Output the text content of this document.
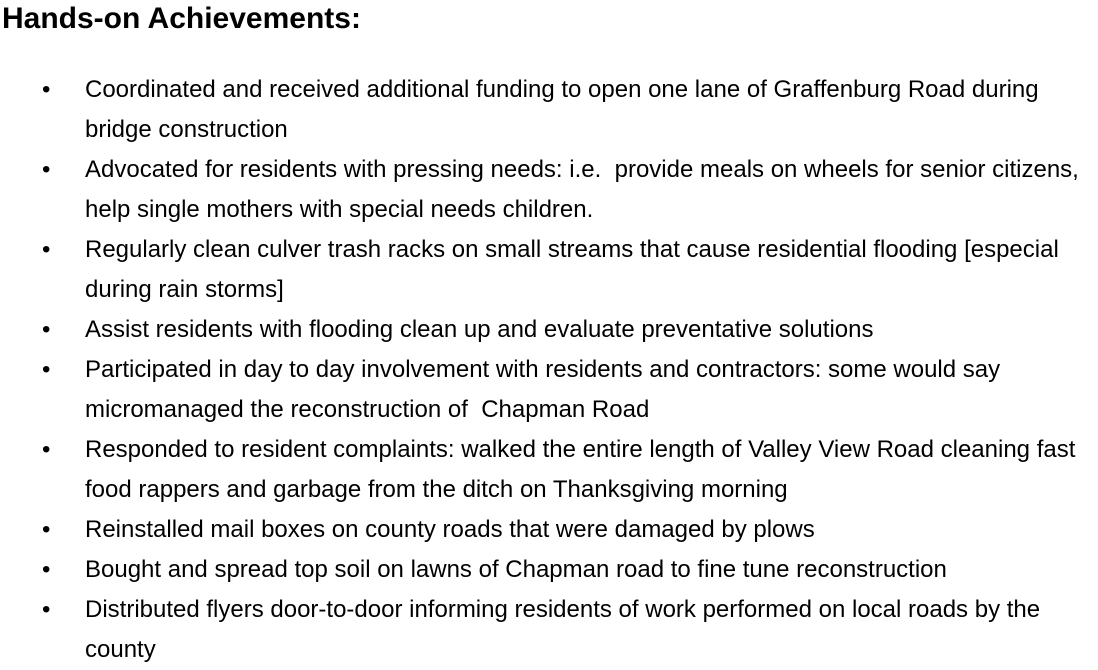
Hands-on Achievements:
• Coordinated and received additional funding to open one lane of Graffenburg Road during bridge construction
• Advocated for residents with pressing needs: i.e.  provide meals on wheels for senior citizens, help single mothers with special needs children.
• Regularly clean culver trash racks on small streams that cause residential flooding [especial during rain storms]
• Assist residents with flooding clean up and evaluate preventative solutions
• Participated in day to day involvement with residents and contractors: some would say micromanaged the reconstruction of  Chapman Road
• Responded to resident complaints: walked the entire length of Valley View Road cleaning fast food rappers and garbage from the ditch on Thanksgiving morning
• Reinstalled mail boxes on county roads that were damaged by plows
• Bought and spread top soil on lawns of Chapman road to fine tune reconstruction
• Distributed flyers door-to-door informing residents of work performed on local roads by the county
